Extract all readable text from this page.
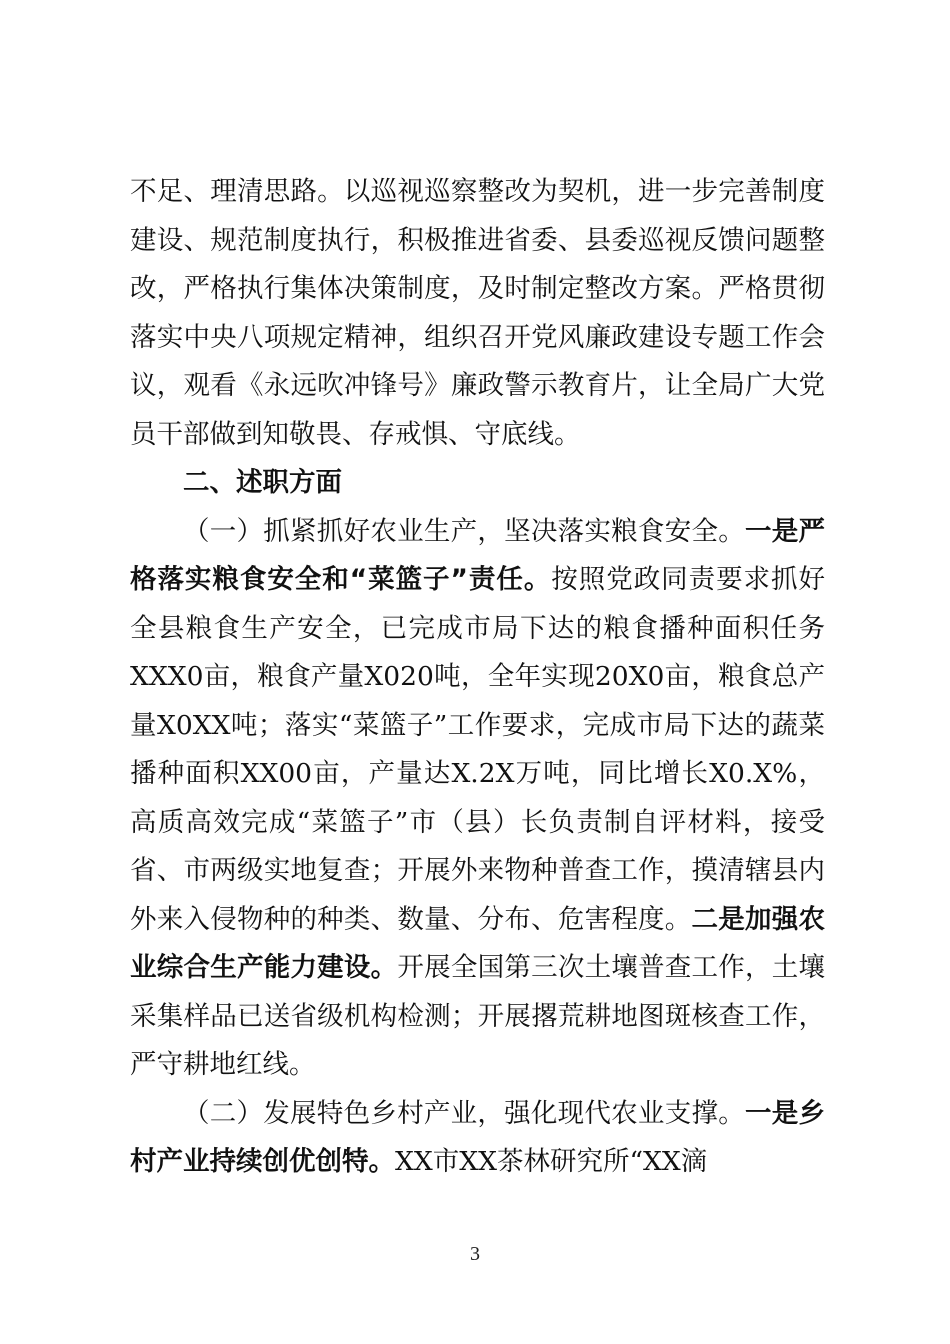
不足、理清思路。以巡视巡察整改为契机，进一步完善制度建设、规范制度执行，积极推进省委、县委巡视反馈问题整改，严格执行集体决策制度，及时制定整改方案。严格贯彻落实中央八项规定精神，组织召开党风廉政建设专题工作会议，观看《永远吹冲锋号》廉政警示教育片，让全局广大党员干部做到知敬畏、存戒惧、守底线。

二、述职方面

（一）抓紧抓好农业生产，坚决落实粮食安全。一是严格落实粮食安全和“菜篮子”责任。按照党政同责要求抓好全县粮食生产安全，已完成市局下达的粮食播种面积任务XXX0亩，粮食产量X020吨，全年实现20X0亩，粮食总产量X0XX吨；落实“菜篮子”工作要求，完成市局下达的蔬菜播种面积XX00亩，产量达X.2X万吨，同比增长X0.X%，高质高效完成“菜篮子”市（县）长负责制自评材料，接受省、市两级实地复查；开展外来物种普查工作，摸清辖县内外来入侵物种的种类、数量、分布、危害程度。二是加强农业综合生产能力建设。开展全国第三次土壤普查工作，土壤采集样品已送省级机构检测；开展撂荒耕地图斑核查工作，严守耕地红线。

（二）发展特色乡村产业，强化现代农业支撑。一是乡村产业持续创优创特。XX市XX茶林研究所“XX滴

3
